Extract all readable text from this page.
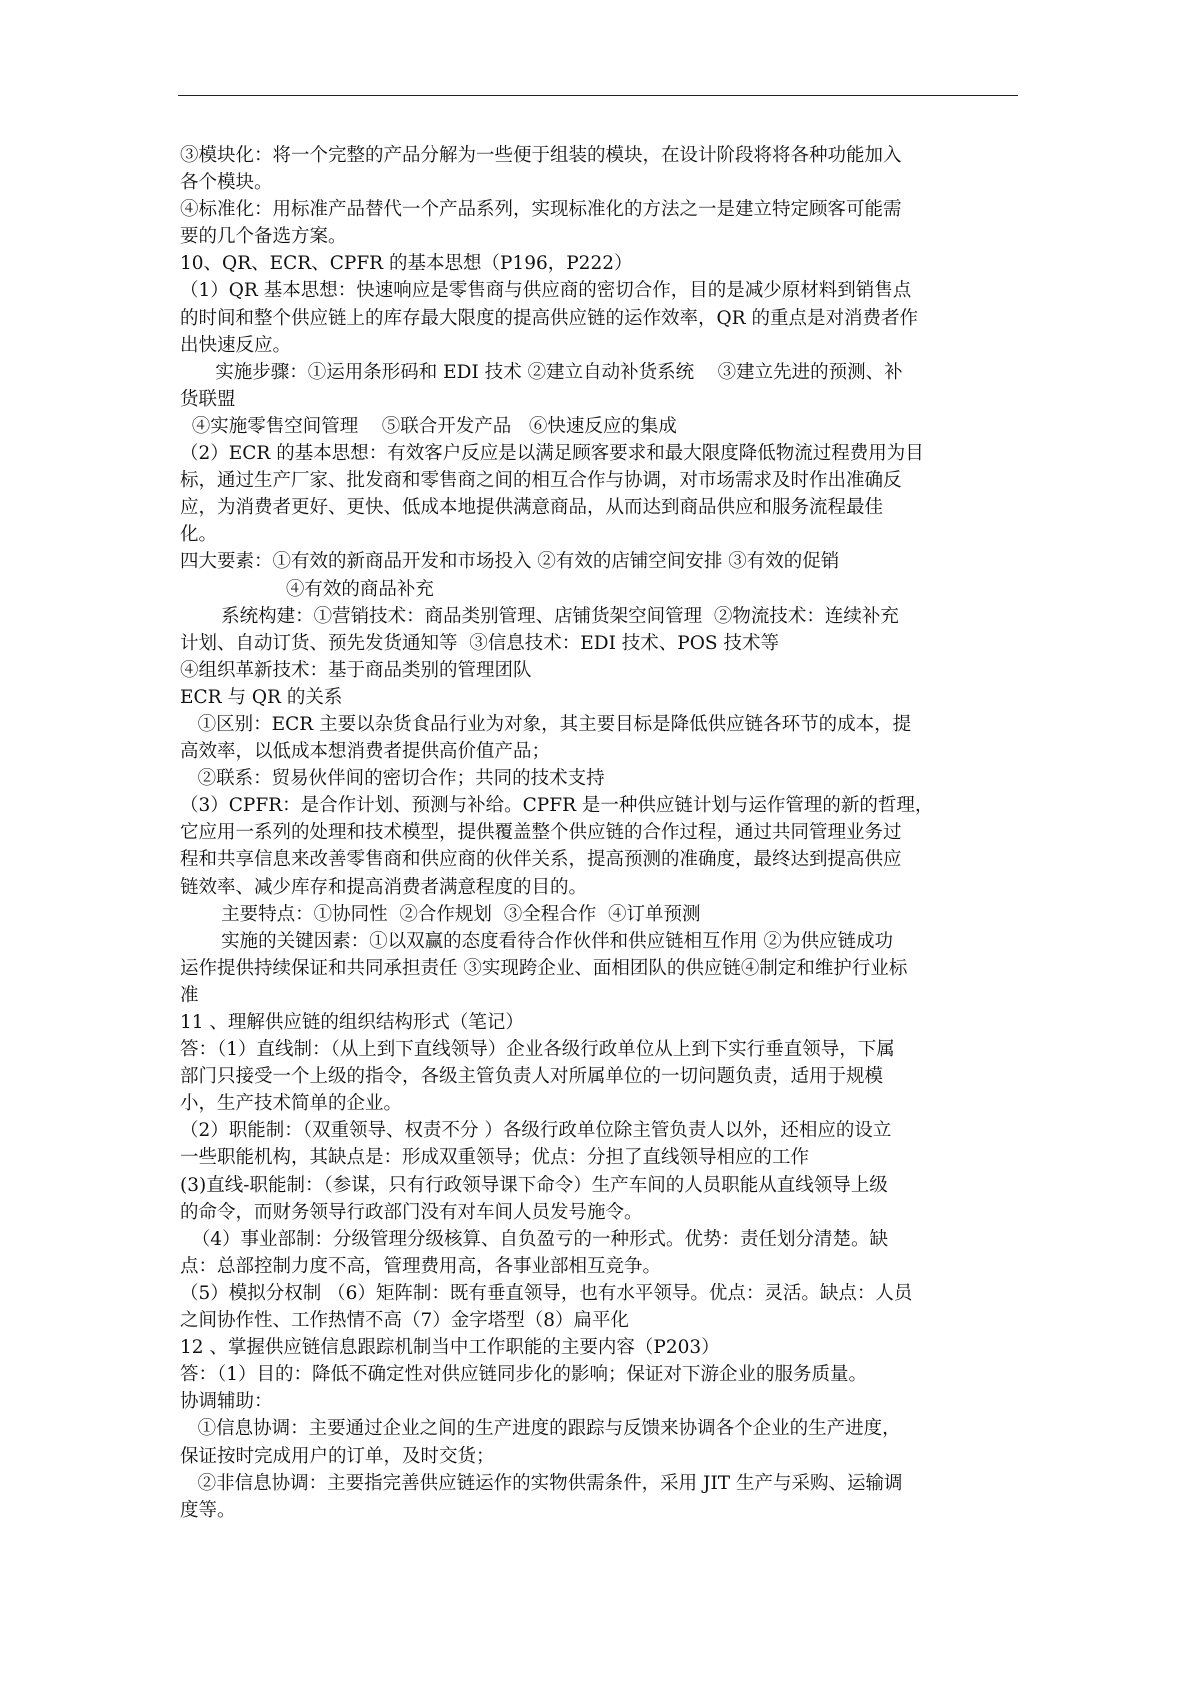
③模块化：将一个完整的产品分解为一些便于组装的模块，在设计阶段将将各种功能加入
各个模块。
④标准化：用标准产品替代一个产品系列，实现标准化的方法之一是建立特定顾客可能需
要的几个备选方案。
10、QR、ECR、CPFR 的基本思想（P196，P222）
（1）QR 基本思想：快速响应是零售商与供应商的密切合作，目的是减少原材料到销售点
的时间和整个供应链上的库存最大限度的提高供应链的运作效率，QR 的重点是对消费者作
出快速反应。
实施步骤：①运用条形码和 EDI 技术 ②建立自动补货系统    ③建立先进的预测、补
货联盟
④实施零售空间管理    ⑤联合开发产品   ⑥快速反应的集成
（2）ECR 的基本思想：有效客户反应是以满足顾客要求和最大限度降低物流过程费用为目
标，通过生产厂家、批发商和零售商之间的相互合作与协调，对市场需求及时作出准确反
应，为消费者更好、更快、低成本地提供满意商品，从而达到商品供应和服务流程最佳
化。
四大要素：①有效的新商品开发和市场投入 ②有效的店铺空间安排 ③有效的促销
④有效的商品补充
系统构建：①营销技术：商品类别管理、店铺货架空间管理  ②物流技术：连续补充
计划、自动订货、预先发货通知等  ③信息技术：EDI 技术、POS 技术等
④组织革新技术：基于商品类别的管理团队
ECR 与 QR 的关系
①区别：ECR 主要以杂货食品行业为对象，其主要目标是降低供应链各环节的成本，提
高效率，以低成本想消费者提供高价值产品；
②联系：贸易伙伴间的密切合作；共同的技术支持
（3）CPFR：是合作计划、预测与补给。CPFR 是一种供应链计划与运作管理的新的哲理，
它应用一系列的处理和技术模型，提供覆盖整个供应链的合作过程，通过共同管理业务过
程和共享信息来改善零售商和供应商的伙伴关系，提高预测的准确度，最终达到提高供应
链效率、减少库存和提高消费者满意程度的目的。
主要特点：①协同性  ②合作规划  ③全程合作  ④订单预测
实施的关键因素：①以双赢的态度看待合作伙伴和供应链相互作用 ②为供应链成功
运作提供持续保证和共同承担责任 ③实现跨企业、面相团队的供应链④制定和维护行业标
准
11 、理解供应链的组织结构形式（笔记）
答：（1）直线制：（从上到下直线领导）企业各级行政单位从上到下实行垂直领导，下属
部门只接受一个上级的指令，各级主管负责人对所属单位的一切问题负责，适用于规模
小，生产技术简单的企业。
（2）职能制：（双重领导、权责不分 ）各级行政单位除主管负责人以外，还相应的设立
一些职能机构，其缺点是：形成双重领导；优点：分担了直线领导相应的工作
(3)直线-职能制：（参谋，只有行政领导课下命令）生产车间的人员职能从直线领导上级
的命令，而财务领导行政部门没有对车间人员发号施令。
（4）事业部制：分级管理分级核算、自负盈亏的一种形式。优势：责任划分清楚。缺
点：总部控制力度不高，管理费用高，各事业部相互竞争。
（5）模拟分权制 （6）矩阵制：既有垂直领导，也有水平领导。优点：灵活。缺点：人员
之间协作性、工作热情不高（7）金字塔型（8）扁平化
12 、掌握供应链信息跟踪机制当中工作职能的主要内容（P203）
答：（1）目的：降低不确定性对供应链同步化的影响；保证对下游企业的服务质量。
协调辅助：
①信息协调：主要通过企业之间的生产进度的跟踪与反馈来协调各个企业的生产进度，
保证按时完成用户的订单，及时交货；
②非信息协调：主要指完善供应链运作的实物供需条件，采用 JIT 生产与采购、运输调
度等。
